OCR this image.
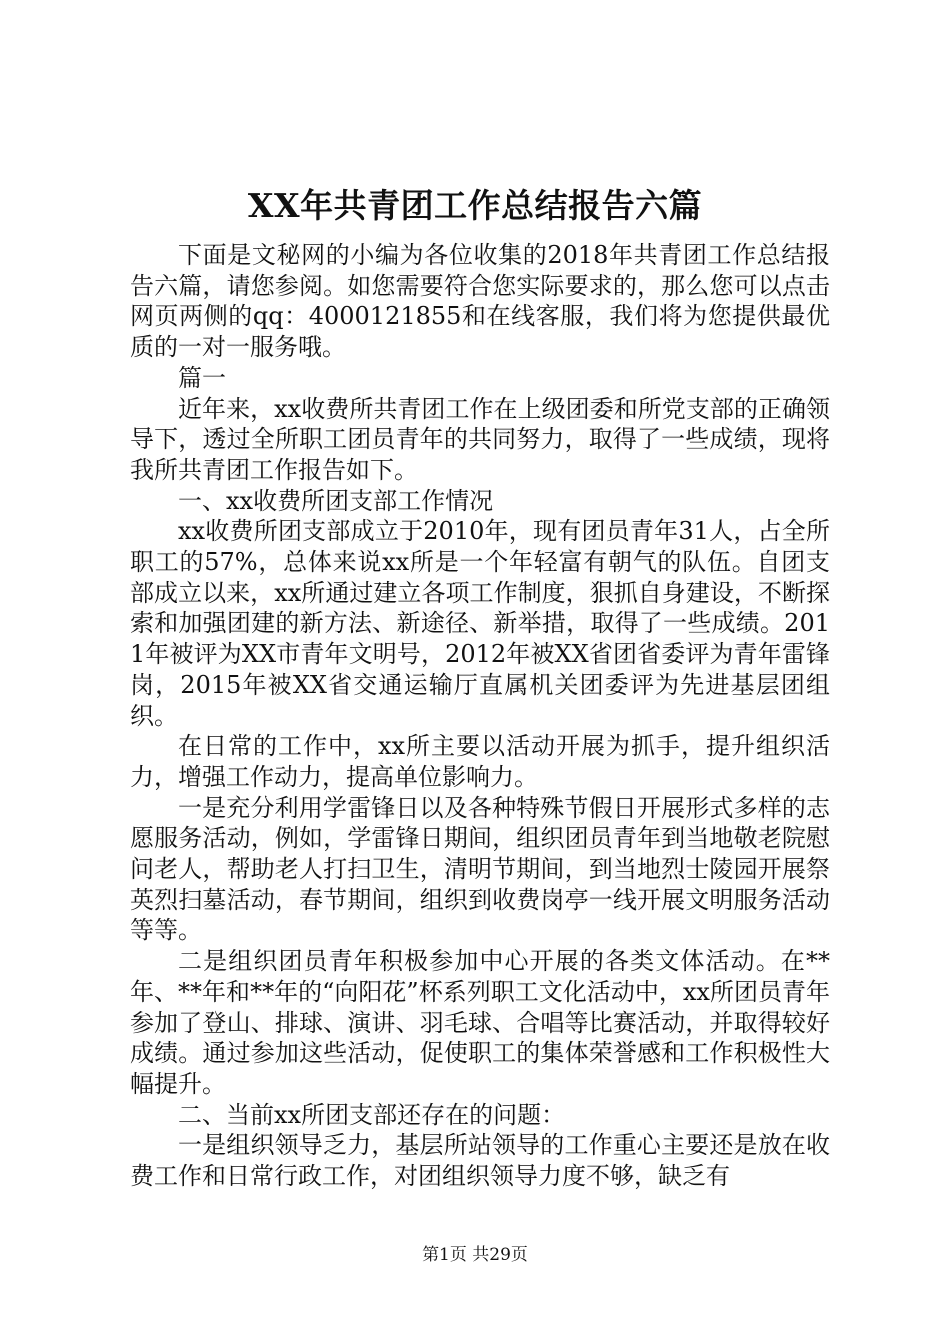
XX年共青团工作总结报告六篇

下面是文秘网的小编为各位收集的2018年共青团工作总结报告六篇，请您参阅。如您需要符合您实际要求的，那么您可以点击网页两侧的qq：4000121855和在线客服，我们将为您提供最优质的一对一服务哦。

篇一

近年来，xx收费所共青团工作在上级团委和所党支部的正确领导下，透过全所职工团员青年的共同努力，取得了一些成绩，现将我所共青团工作报告如下。

一、xx收费所团支部工作情况

xx收费所团支部成立于2010年，现有团员青年31人，占全所职工的57%，总体来说xx所是一个年轻富有朝气的队伍。自团支部成立以来，xx所通过建立各项工作制度，狠抓自身建设，不断探索和加强团建的新方法、新途径、新举措，取得了一些成绩。2011年被评为XX市青年文明号，2012年被XX省团省委评为青年雷锋岗，2015年被XX省交通运输厅直属机关团委评为先进基层团组织。

在日常的工作中，xx所主要以活动开展为抓手，提升组织活力，增强工作动力，提高单位影响力。

一是充分利用学雷锋日以及各种特殊节假日开展形式多样的志愿服务活动，例如，学雷锋日期间，组织团员青年到当地敬老院慰问老人，帮助老人打扫卫生，清明节期间，到当地烈士陵园开展祭英烈扫墓活动，春节期间，组织到收费岗亭一线开展文明服务活动等等。

二是组织团员青年积极参加中心开展的各类文体活动。在**年、**年和**年的“向阳花”杯系列职工文化活动中，xx所团员青年参加了登山、排球、演讲、羽毛球、合唱等比赛活动，并取得较好成绩。通过参加这些活动，促使职工的集体荣誉感和工作积极性大幅提升。

二、当前xx所团支部还存在的问题：

一是组织领导乏力，基层所站领导的工作重心主要还是放在收费工作和日常行政工作，对团组织领导力度不够，缺乏有

第1页 共29页
